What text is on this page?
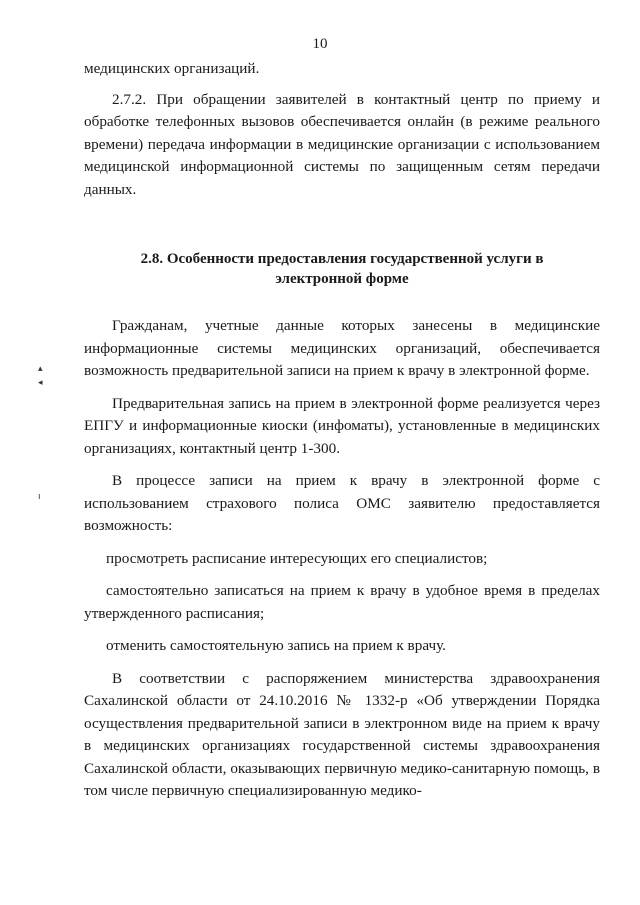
10
▴
◂
ı

медицинских организаций.

2.7.2. При обращении заявителей в контактный центр по приему и обработке телефонных вызовов обеспечивается онлайн (в режиме реального времени) передача информации в медицинские организации с использованием медицинской информационной системы по защищенным сетям передачи данных.

2.8. Особенности предоставления государственной услуги в
электронной форме

Гражданам, учетные данные которых занесены в медицинские информационные системы медицинских организаций, обеспечивается возможность предварительной записи на прием к врачу в электронной форме.

Предварительная запись на прием в электронной форме реализуется через ЕПГУ и информационные киоски (инфоматы), установленные в медицинских организациях, контактный центр 1-300.

В процессе записи на прием к врачу в электронной форме с использованием страхового полиса ОМС заявителю предоставляется возможность:

просмотреть расписание интересующих его специалистов;

самостоятельно записаться на прием к врачу в удобное время в пределах утвержденного расписания;

отменить самостоятельную запись на прием к врачу.

В соответствии с распоряжением министерства здравоохранения Сахалинской области от 24.10.2016 № 1332-р «Об утверждении Порядка осуществления предварительной записи в электронном виде на прием к врачу в медицинских организациях государственной системы здравоохранения Сахалинской области, оказывающих первичную медико-санитарную помощь, в том числе первичную специализированную медико-
